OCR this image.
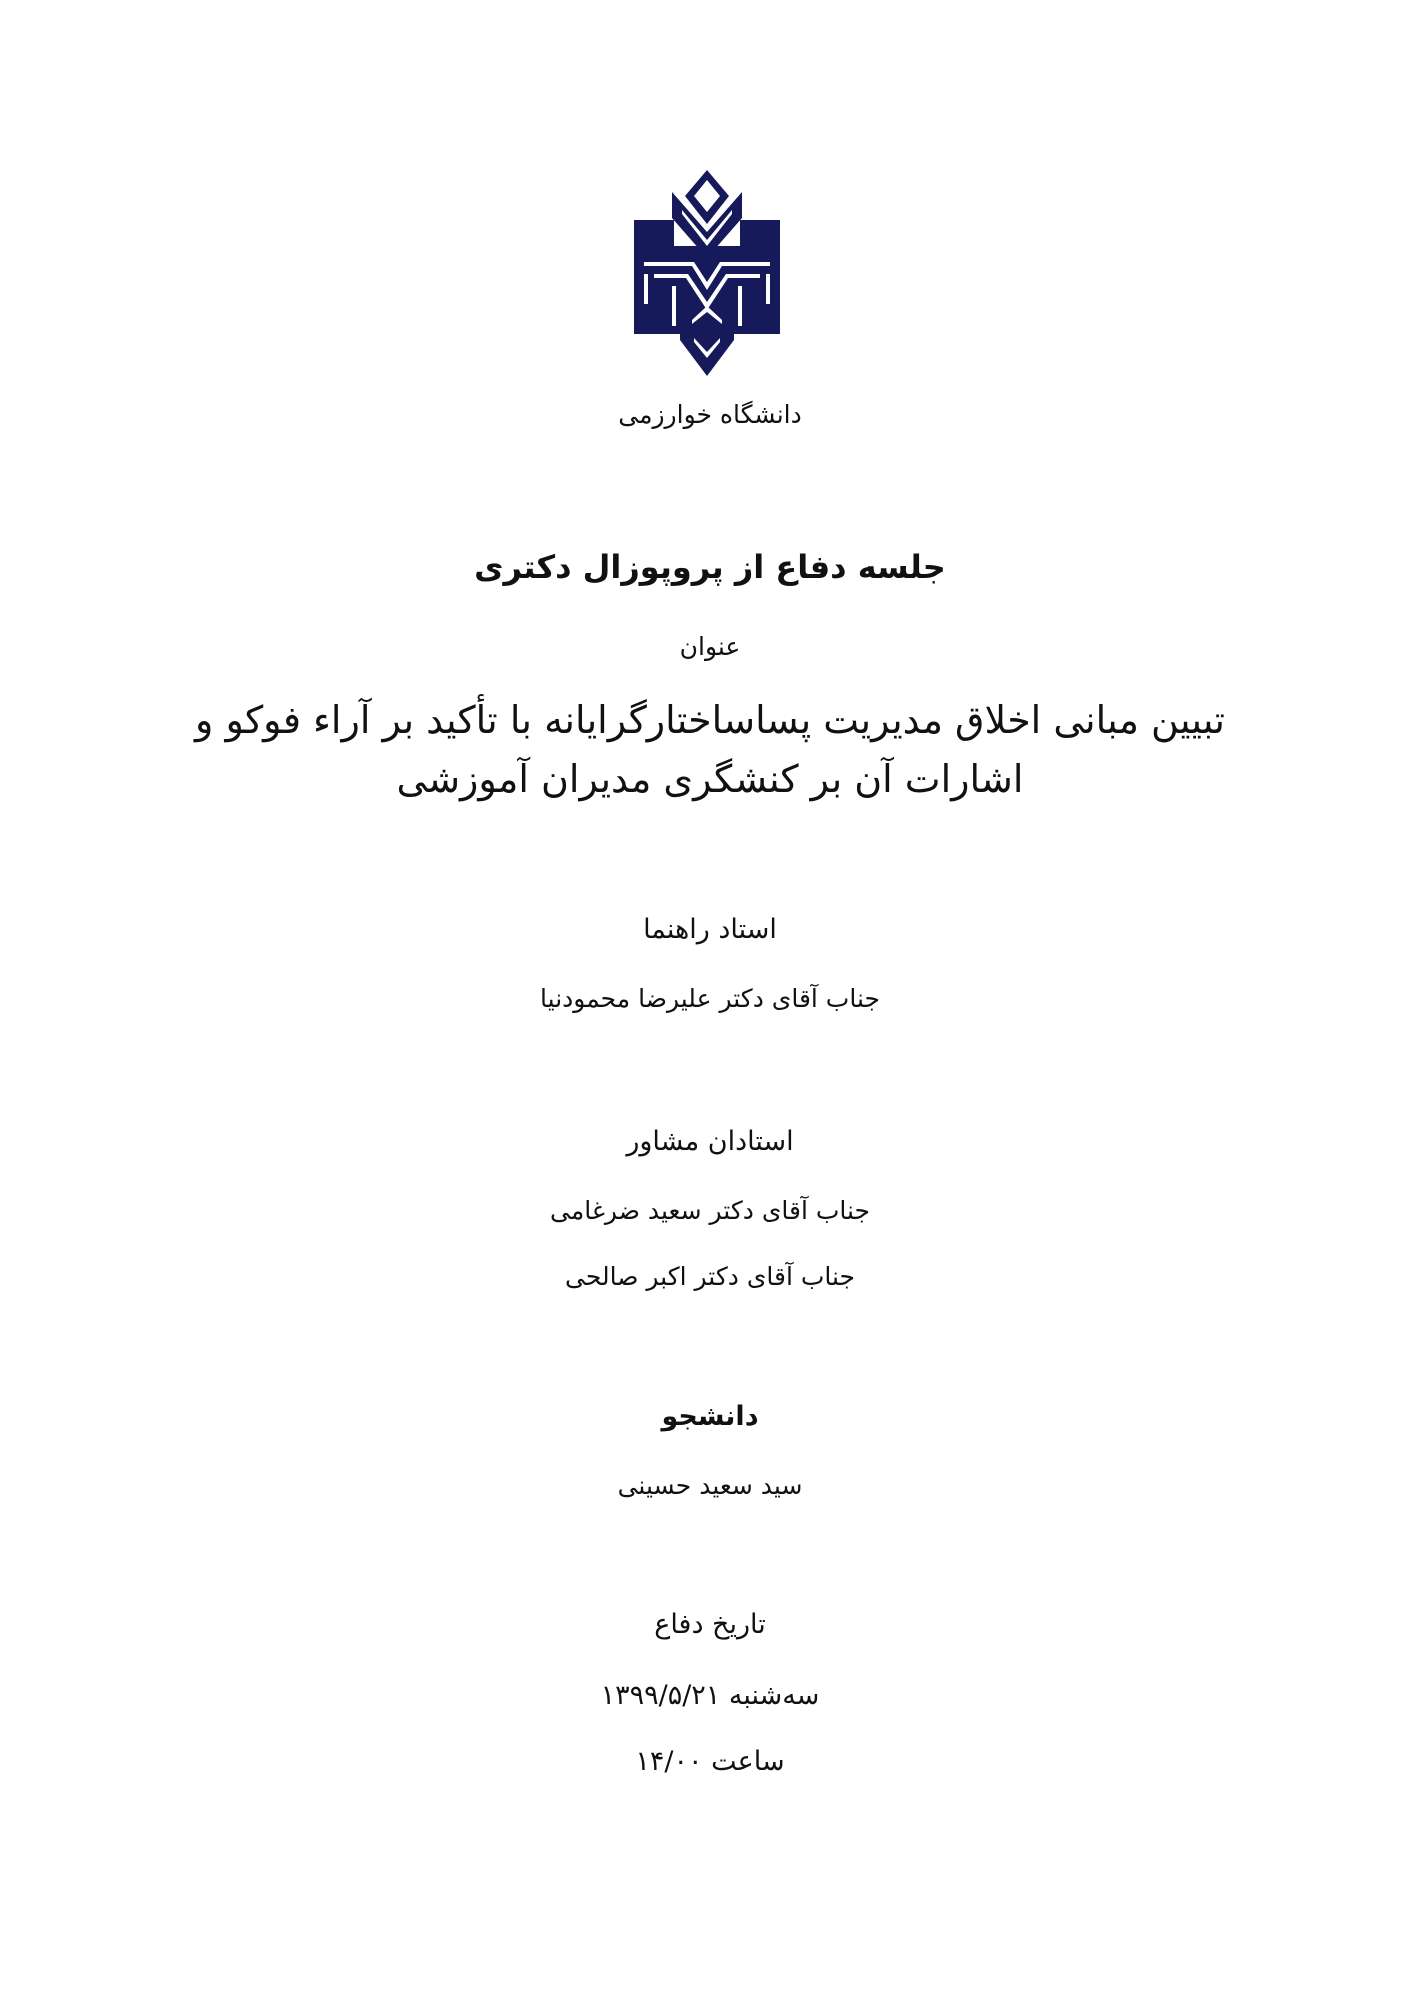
دانشگاه خوارزمی
جلسه دفاع از پروپوزال دکتری
عنوان
تبیین مبانی اخلاق مدیریت پساساختارگرایانه با تأکید بر آراء فوکو و
اشارات آن بر کنشگری مدیران آموزشی
استاد راهنما
جناب آقای دکتر علیرضا محمودنیا
استادان مشاور
جناب آقای دکتر سعید ضرغامی
جناب آقای دکتر اکبر صالحی
دانشجو
سید سعید حسینی
تاریخ دفاع
سه‌شنبه ۱۳۹۹/۵/۲۱
ساعت ۱۴/۰۰
